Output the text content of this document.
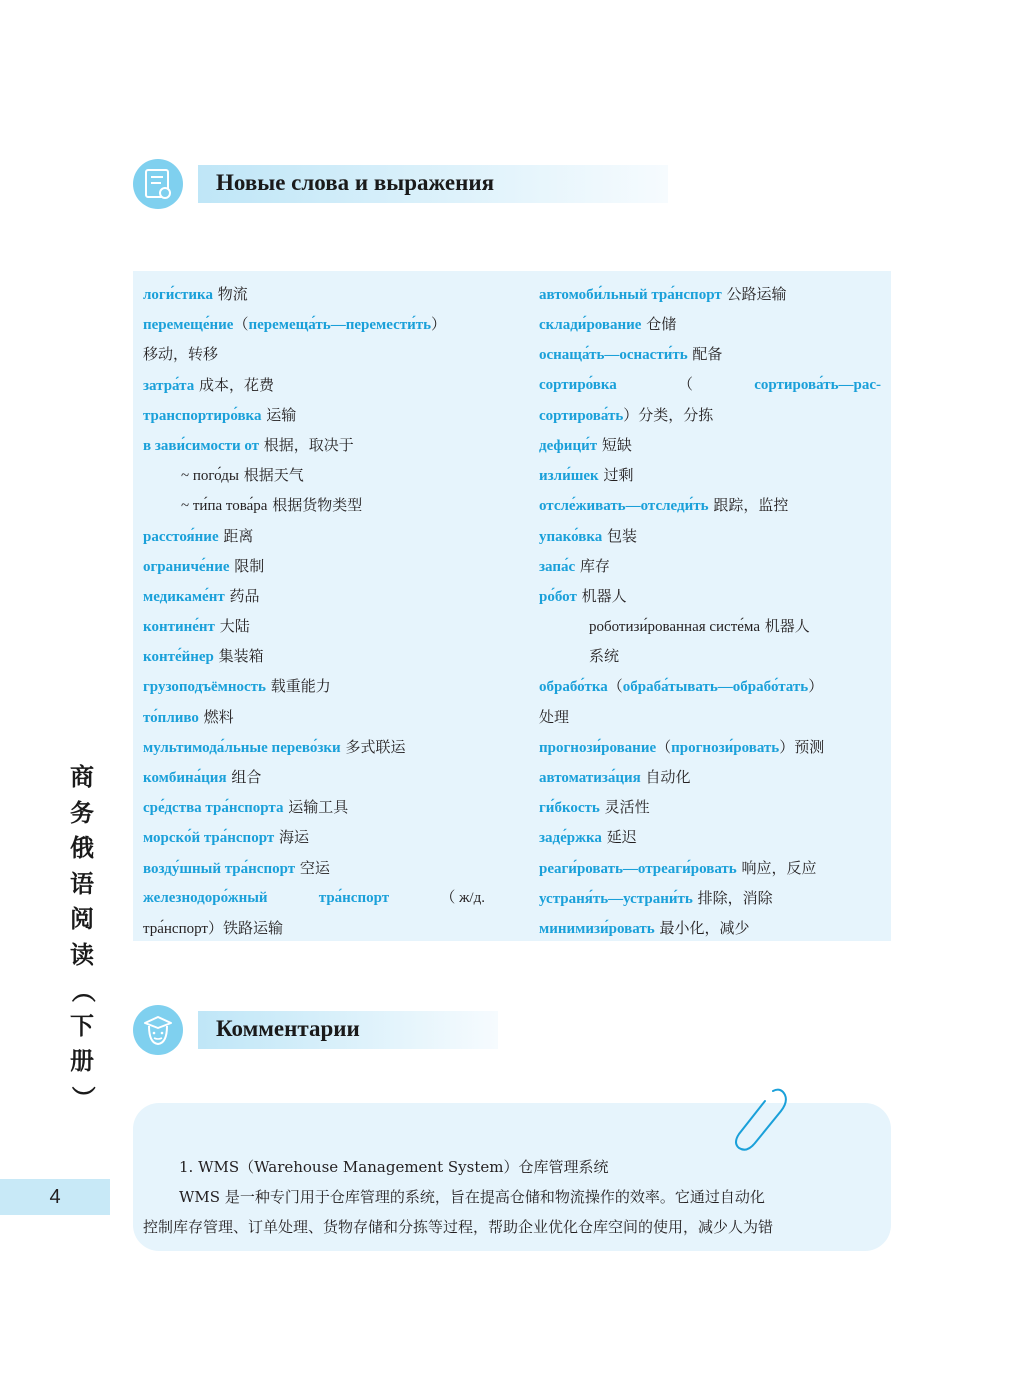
Новые слова и выражения
логи́стика 物流
перемеще́ние（перемеща́ть—перемести́ть）
移动，转移
затра́та 成本，花费
транспортиро́вка 运输
в зави́симости от 根据，取决于
~ пого́ды 根据天气
~ ти́па това́ра 根据货物类型
расстоя́ние 距离
ограниче́ние 限制
медикаме́нт 药品
контине́нт 大陆
конте́йнер 集装箱
грузоподъёмность 载重能力
то́пливо 燃料
мультимода́льные перево́зки 多式联运
комбина́ция 组合
сре́дства тра́нспорта 运输工具
морско́й тра́нспорт 海运
возду́шный тра́нспорт 空运
железнодоро́жный	тра́нспорт	（ ж/д.
тра́нспорт）铁路运输
автомоби́льный тра́нспорт 公路运输
склади́рование 仓储
оснаща́ть—оснасти́ть 配备
сортиро́вка	（	сортирова́ть—рас-
сортирова́ть）分类，分拣
дефици́т 短缺
изли́шек 过剩
отсле́живать—отследи́ть 跟踪，监控
упако́вка 包装
запа́с 库存
ро́бот 机器人
роботизи́рованная систе́ма 机器人
系统
обрабо́тка（обраба́тывать—обрабо́тать）
处理
прогнози́рование（прогнози́ровать）预测
автоматиза́ция 自动化
ги́бкость 灵活性
заде́ржка 延迟
реаги́ровать—отреаги́ровать 响应，反应
устраня́ть—устрани́ть 排除，消除
минимизи́ровать 最小化，减少
Комментарии
商
务
俄
语
阅
读
（
下
册
）
4
1. WMS（Warehouse Management System）仓库管理系统
WMS 是一种专门用于仓库管理的系统，旨在提高仓储和物流操作的效率。它通过自动化
控制库存管理、订单处理、货物存储和分拣等过程，帮助企业优化仓库空间的使用，减少人为错
